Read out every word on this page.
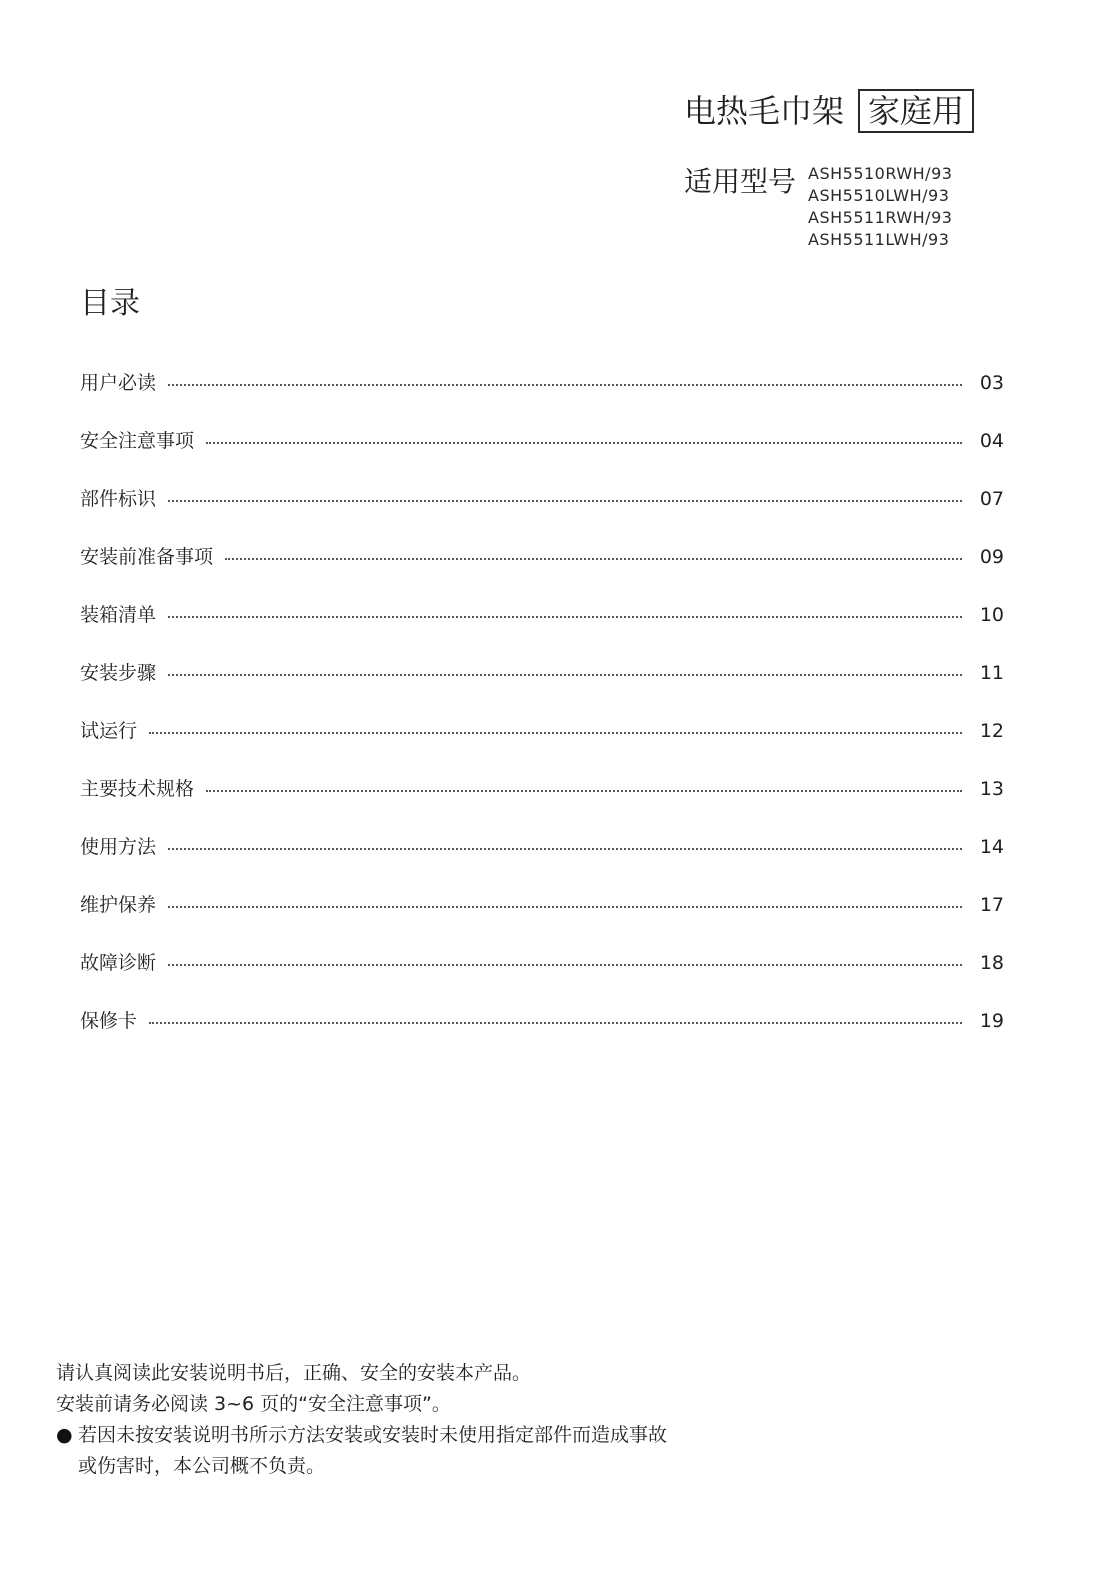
电热毛巾架 家庭用
适用型号 ASH5510RWH/93
ASH5510LWH/93
ASH5511RWH/93
ASH5511LWH/93
目录
用户必读	03
安全注意事项	04
部件标识	07
安装前准备事项	09
装箱清单	10
安装步骤	11
试运行	12
主要技术规格	13
使用方法	14
维护保养	17
故障诊断	18
保修卡	19
请认真阅读此安装说明书后，正确、安全的安装本产品。
安装前请务必阅读 3~6 页的“安全注意事项”。
● 若因未按安装说明书所示方法安装或安装时未使用指定部件而造成事故
或伤害时，本公司概不负责。
